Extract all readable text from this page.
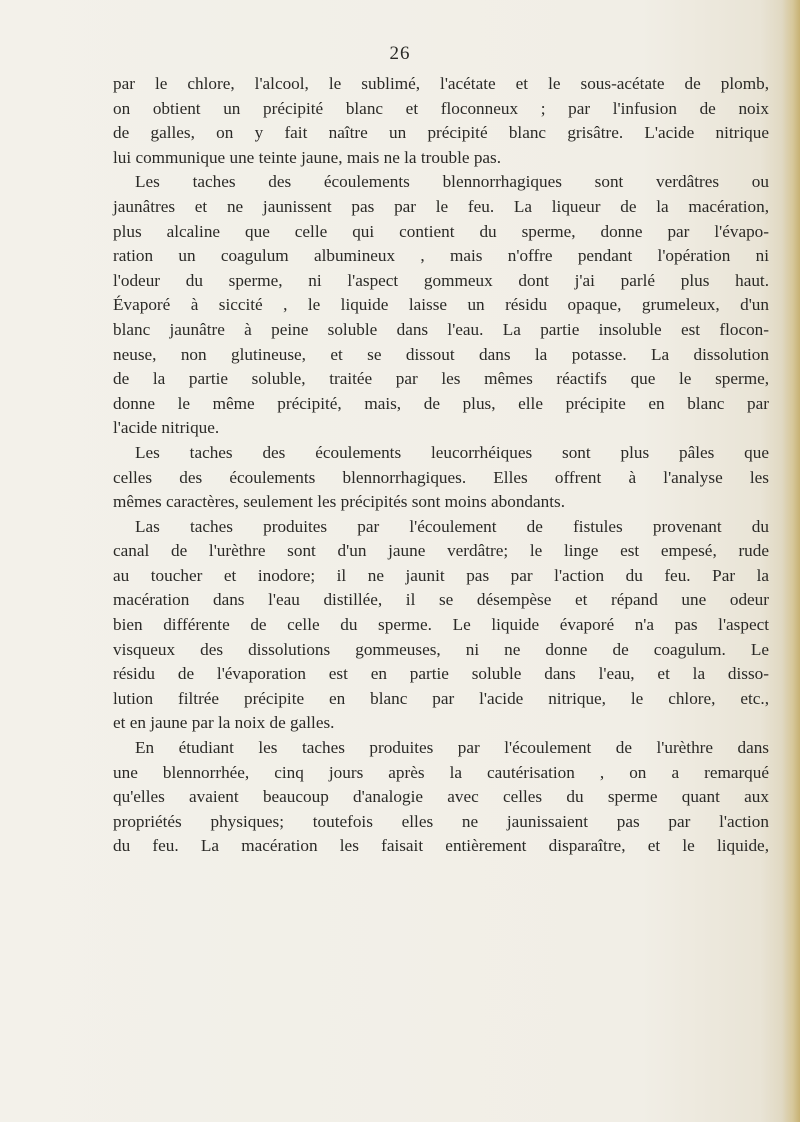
26
par le chlore, l'alcool, le sublimé, l'acétate et le sous-acétate de plomb,
on obtient un précipité blanc et floconneux ; par l'infusion de noix
de galles, on y fait naître un précipité blanc grisâtre. L'acide nitrique
lui communique une teinte jaune, mais ne la trouble pas.
Les taches des écoulements blennorrhagiques sont verdâtres ou
jaunâtres et ne jaunissent pas par le feu. La liqueur de la macération,
plus alcaline que celle qui contient du sperme, donne par l'évapo-
ration un coagulum albumineux , mais n'offre pendant l'opération ni
l'odeur du sperme, ni l'aspect gommeux dont j'ai parlé plus haut.
Évaporé à siccité , le liquide laisse un résidu opaque, grumeleux, d'un
blanc jaunâtre à peine soluble dans l'eau. La partie insoluble est flocon-
neuse, non glutineuse, et se dissout dans la potasse. La dissolution
de la partie soluble, traitée par les mêmes réactifs que le sperme,
donne le même précipité, mais, de plus, elle précipite en blanc par
l'acide nitrique.
Les taches des écoulements leucorrhéiques sont plus pâles que
celles des écoulements blennorrhagiques. Elles offrent à l'analyse les
mêmes caractères, seulement les précipités sont moins abondants.
Las taches produites par l'écoulement de fistules provenant du
canal de l'urèthre sont d'un jaune verdâtre; le linge est empesé, rude
au toucher et inodore; il ne jaunit pas par l'action du feu. Par la
macération dans l'eau distillée, il se désempèse et répand une odeur
bien différente de celle du sperme. Le liquide évaporé n'a pas l'aspect
visqueux des dissolutions gommeuses, ni ne donne de coagulum. Le
résidu de l'évaporation est en partie soluble dans l'eau, et la disso-
lution filtrée précipite en blanc par l'acide nitrique, le chlore, etc.,
et en jaune par la noix de galles.
En étudiant les taches produites par l'écoulement de l'urèthre dans
une blennorrhée, cinq jours après la cautérisation , on a remarqué
qu'elles avaient beaucoup d'analogie avec celles du sperme quant aux
propriétés physiques; toutefois elles ne jaunissaient pas par l'action
du feu. La macération les faisait entièrement disparaître, et le liquide,
